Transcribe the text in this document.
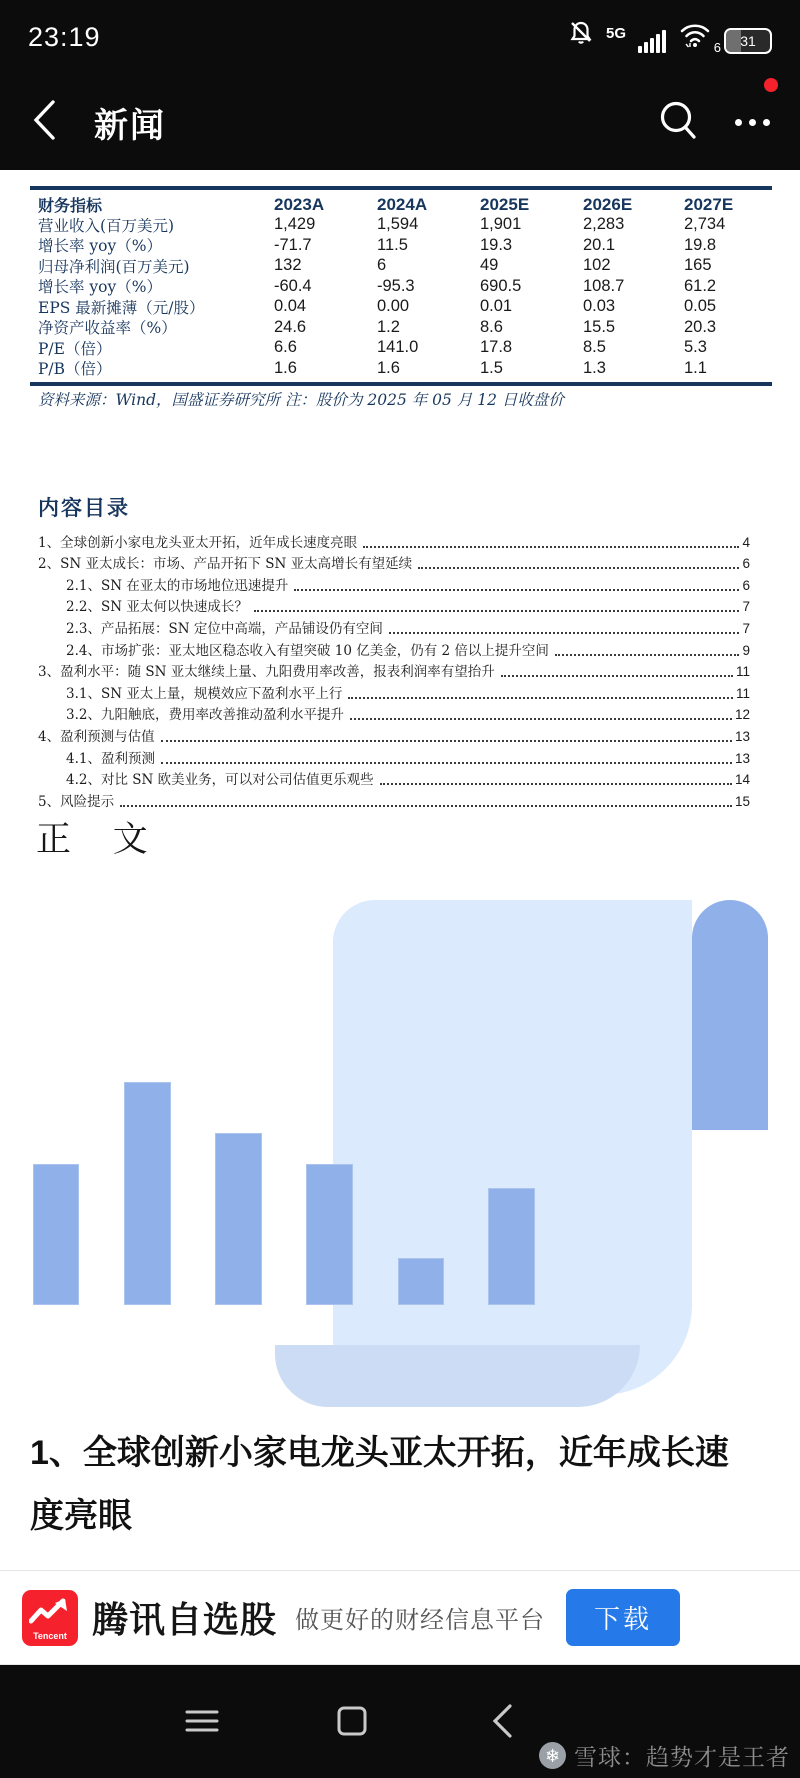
23:19	5G
6 31
新闻
财务指标	2023A	2024A	2025E	2026E	2027E
营业收入(百万美元)	1,429	1,594	1,901	2,283	2,734
增长率 yoy（%）	-71.7	11.5	19.3	20.1	19.8
归母净利润(百万美元)	132	6	49	102	165
增长率 yoy（%）	-60.4	-95.3	690.5	108.7	61.2
EPS 最新摊薄（元/股）	0.04	0.00	0.01	0.03	0.05
净资产收益率（%）	24.6	1.2	8.6	15.5	20.3
P/E（倍）	6.6	141.0	17.8	8.5	5.3
P/B（倍）	1.6	1.6	1.5	1.3	1.1
资料来源：Wind，国盛证券研究所 注：股价为 2025 年 05 月 12 日收盘价
内容目录
1、全球创新小家电龙头亚太开拓，近年成长速度亮眼	4
2、SN 亚太成长：市场、产品开拓下 SN 亚太高增长有望延续	6
2.1、SN 在亚太的市场地位迅速提升	6
2.2、SN 亚太何以快速成长？	7
2.3、产品拓展：SN 定位中高端，产品铺设仍有空间	7
2.4、市场扩张：亚太地区稳态收入有望突破 10 亿美金，仍有 2 倍以上提升空间	9
3、盈利水平：随 SN 亚太继续上量、九阳费用率改善，报表利润率有望抬升	11
3.1、SN 亚太上量，规模效应下盈利水平上行	11
3.2、九阳触底，费用率改善推动盈利水平提升	12
4、盈利预测与估值	13
4.1、盈利预测	13
4.2、对比 SN 欧美业务，可以对公司估值更乐观些	14
5、风险提示	15
正 文
1、全球创新小家电龙头亚太开拓，近年成长速度亮眼
Tencent 腾讯自选股 做更好的财经信息平台	下载
❄ 雪球：趋势才是王者
